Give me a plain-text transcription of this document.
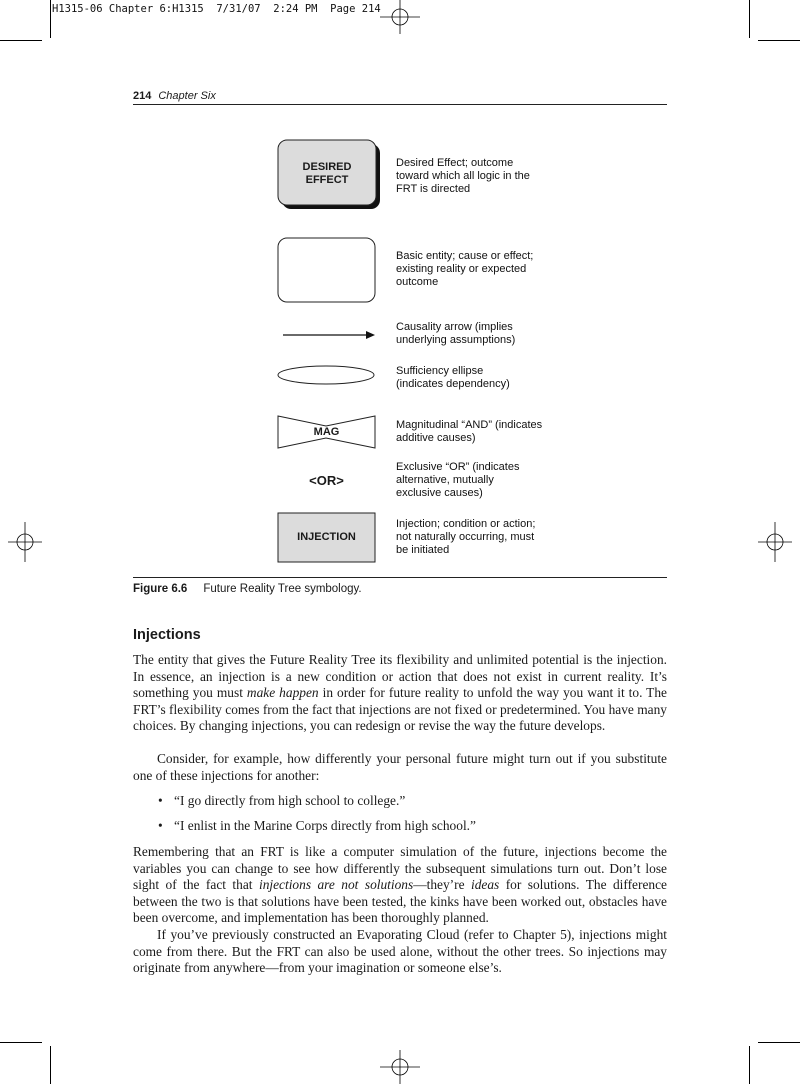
H1315-06 Chapter 6:H1315  7/31/07  2:24 PM  Page 214
214 Chapter Six
DESIRED
EFFECT
MAG
<OR>
INJECTION
Desired Effect; outcome toward which all logic in the FRT is directed
Basic entity; cause or effect; existing reality or expected outcome
Causality arrow (implies underlying assumptions)
Sufficiency ellipse (indicates dependency)
Magnitudinal “AND” (indicates additive causes)
Exclusive “OR” (indicates alternative, mutually exclusive causes)
Injection; condition or action; not naturally occurring, must be initiated
Figure 6.6 Future Reality Tree symbology.
Injections

The entity that gives the Future Reality Tree its flexibility and unlimited potential is the injection. In essence, an injection is a new condition or action that does not exist in current reality. It’s something you must make happen in order for future reality to unfold the way you want it to. The FRT’s flexibility comes from the fact that injections are not fixed or predetermined. You have many choices. By changing injections, you can redesign or revise the way the future develops.

Consider, for example, how differently your personal future might turn out if you substitute one of these injections for another:

• “I go directly from high school to college.”
• “I enlist in the Marine Corps directly from high school.”

Remembering that an FRT is like a computer simulation of the future, injections become the variables you can change to see how differently the subsequent simulations turn out. Don’t lose sight of the fact that injections are not solutions—they’re ideas for solutions. The difference between the two is that solutions have been tested, the kinks have been worked out, obstacles have been overcome, and implementation has been thoroughly planned.

If you’ve previously constructed an Evaporating Cloud (refer to Chapter 5), injections might come from there. But the FRT can also be used alone, without the other trees. So injections may originate from anywhere—from your imagination or someone else’s.
